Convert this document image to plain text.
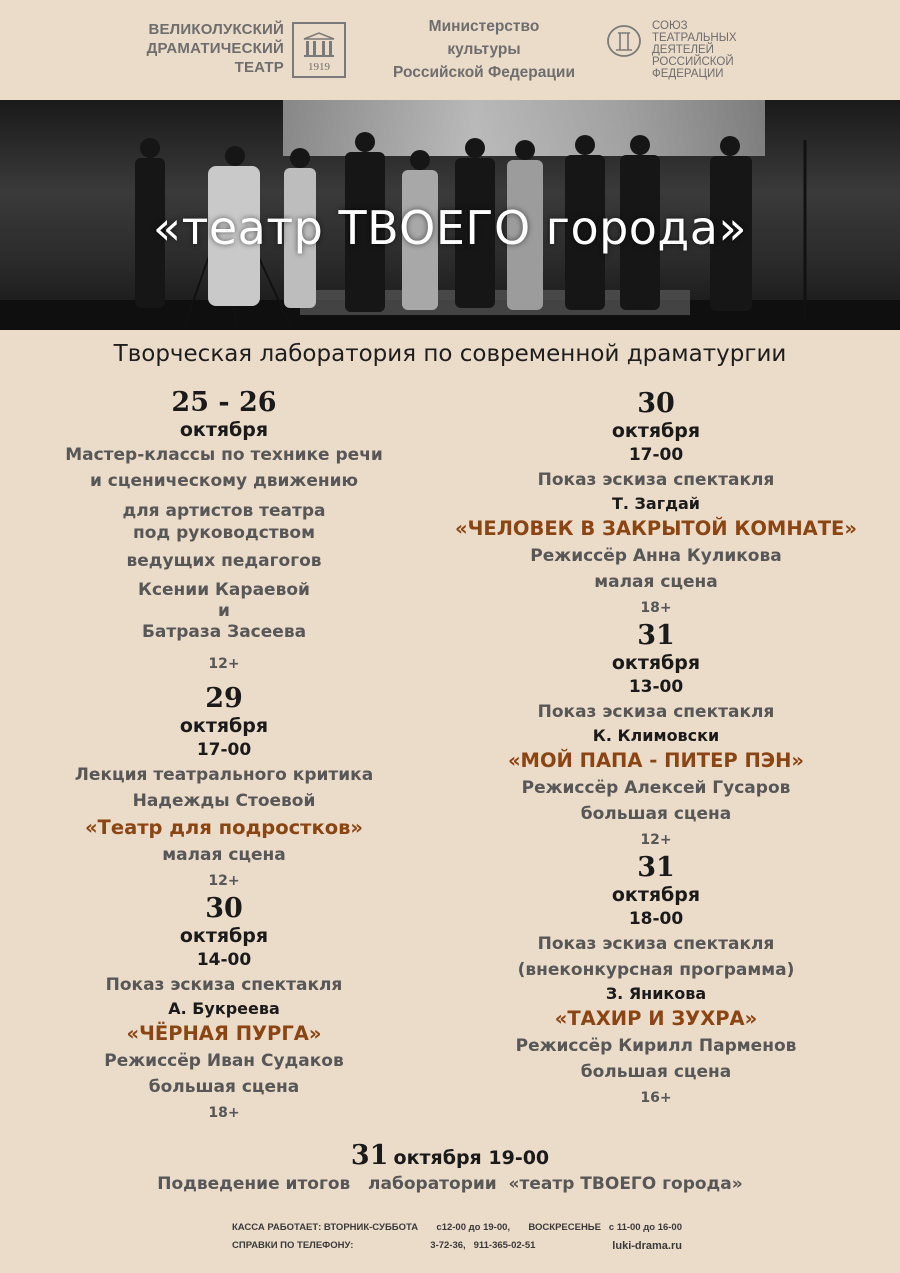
ВЕЛИКОЛУКСКИЙ
ДРАМАТИЧЕСКИЙ
ТЕАТР	1919
Министерство
культуры
Российской Федерации
СОЮЗ
ТЕАТРАЛЬНЫХ
ДЕЯТЕЛЕЙ
РОССИЙСКОЙ
ФЕДЕРАЦИИ
«театр ТВОЕГО города»
Творческая лаборатория по современной драматургии
25 - 26
октября
Мастер-классы по технике речи
и сценическому движению
для артистов театра
под руководством
ведущих педагогов
Ксении Караевой
и
Батраза Засеева
12+
29
октября
17-00
Лекция театрального критика
Надежды Стоевой
«Театр для подростков»
малая сцена
12+
30
октября
14-00
Показ эскиза спектакля
А. Букреева
«ЧЁРНАЯ ПУРГА»
Режиссёр Иван Судаков
большая сцена
18+
30
октября
17-00
Показ эскиза спектакля
Т. Загдай
«ЧЕЛОВЕК В ЗАКРЫТОЙ КОМНАТЕ»
Режиссёр Анна Куликова
малая сцена
18+
31
октября
13-00
Показ эскиза спектакля
К. Климовски
«МОЙ ПАПА - ПИТЕР ПЭН»
Режиссёр Алексей Гусаров
большая сцена
12+
31
октября
18-00
Показ эскиза спектакля
(внеконкурсная программа)
З. Яникова
«ТАХИР И ЗУХРА»
Режиссёр Кирилл Парменов
большая сцена
16+
31 октября 19-00
Подведение итогов   лаборатории  «театр ТВОЕГО города»
КАССА РАБОТАЕТ: ВТОРНИК-СУББОТА с12-00 до 19-00, ВОСКРЕСЕНЬЕ   с 11-00 до 16-00
СПРАВКИ ПО ТЕЛЕФОНУ:	3-72-36,   911-365-02-51	luki-drama.ru
